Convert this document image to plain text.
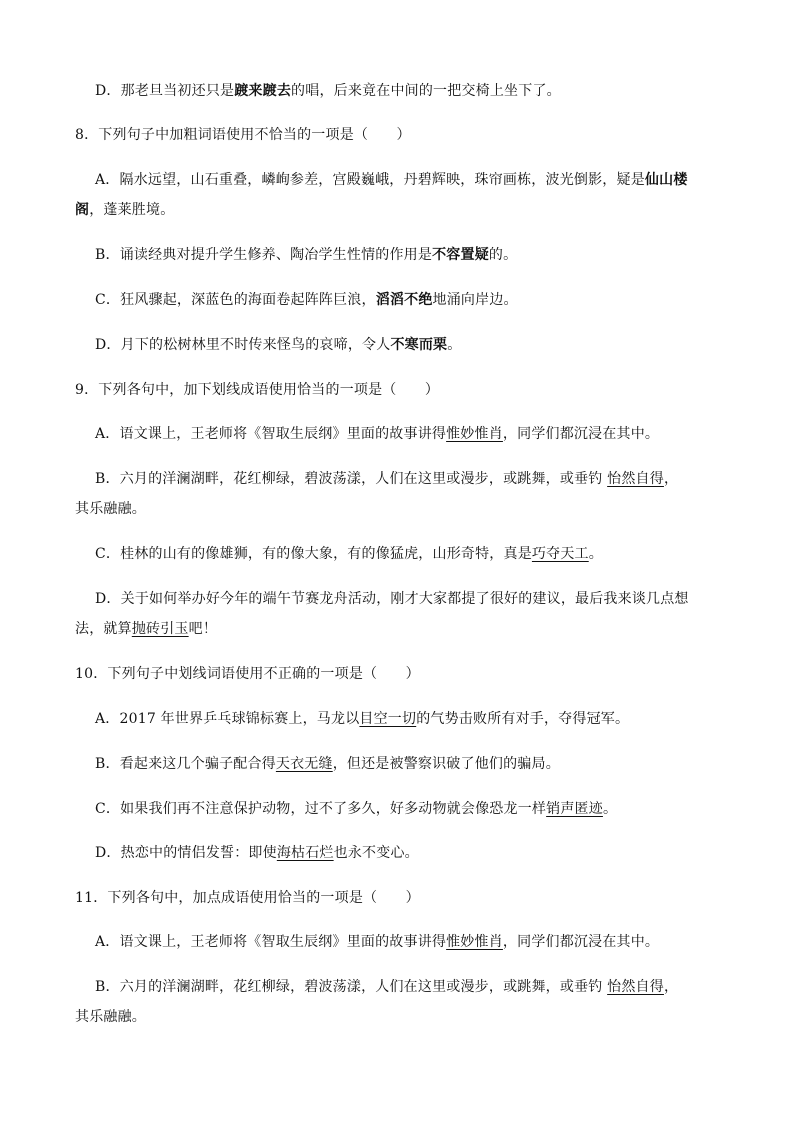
D．那老旦当初还只是踱来踱去的唱，后来竟在中间的一把交椅上坐下了。
8．下列句子中加粗词语使用不恰当的一项是（　　）
A．隔水远望，山石重叠，嶙峋参差，宫殿巍峨，丹碧辉映，珠帘画栋，波光倒影，疑是仙山楼
阁，蓬莱胜境。
B．诵读经典对提升学生修养、陶冶学生性情的作用是不容置疑的。
C．狂风骤起，深蓝色的海面卷起阵阵巨浪，滔滔不绝地涌向岸边。
D．月下的松树林里不时传来怪鸟的哀啼，令人不寒而栗。
9．下列各句中，加下划线成语使用恰当的一项是（　　）
A．语文课上，王老师将《智取生辰纲》里面的故事讲得惟妙惟肖，同学们都沉浸在其中。
B．六月的洋澜湖畔，花红柳绿，碧波荡漾，人们在这里或漫步，或跳舞，或垂钓 怡然自得，
其乐融融。
C．桂林的山有的像雄狮，有的像大象，有的像猛虎，山形奇特，真是巧夺天工。
D．关于如何举办好今年的端午节赛龙舟活动，刚才大家都提了很好的建议，最后我来谈几点想
法，就算抛砖引玉吧！
10．下列句子中划线词语使用不正确的一项是（　　）
A．2017 年世界乒乓球锦标赛上，马龙以目空一切的气势击败所有对手，夺得冠军。
B．看起来这几个骗子配合得天衣无缝，但还是被警察识破了他们的骗局。
C．如果我们再不注意保护动物，过不了多久，好多动物就会像恐龙一样销声匿迹。
D．热恋中的情侣发誓：即使海枯石烂也永不变心。
11．下列各句中，加点成语使用恰当的一项是（　　）
A．语文课上，王老师将《智取生辰纲》里面的故事讲得惟妙惟肖，同学们都沉浸在其中。
B．六月的洋澜湖畔，花红柳绿，碧波荡漾，人们在这里或漫步，或跳舞，或垂钓 怡然自得，
其乐融融。
